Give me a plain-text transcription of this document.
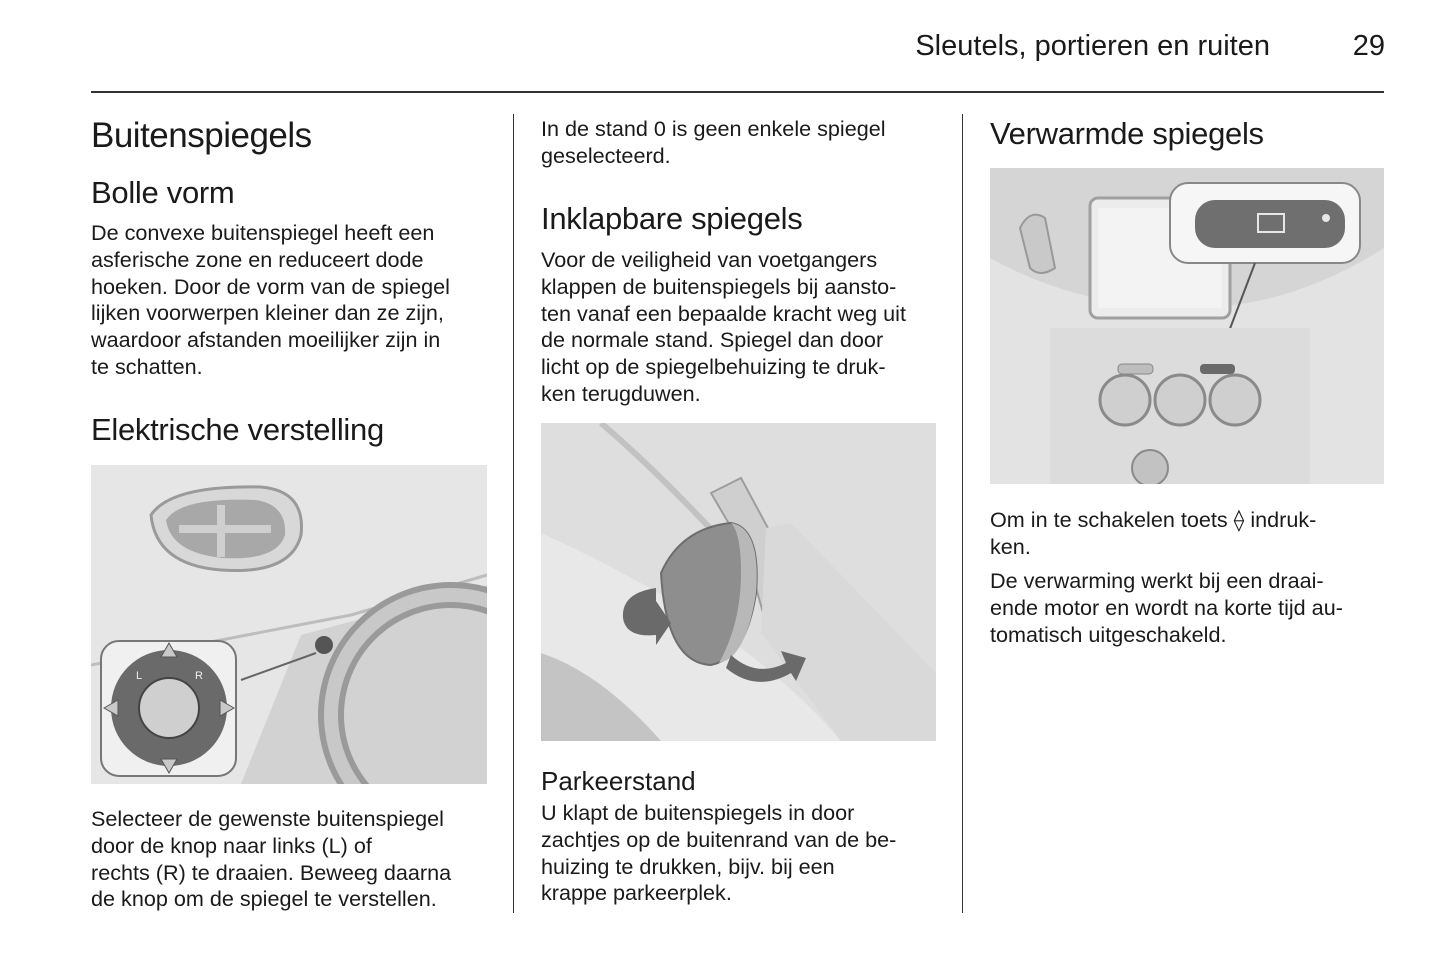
Sleutels, portieren en ruiten	29
Buitenspiegels
Bolle vorm
De convexe buitenspiegel heeft een
asferische zone en reduceert dode
hoeken. Door de vorm van de spiegel
lijken voorwerpen kleiner dan ze zijn,
waardoor afstanden moeilijker zijn in
te schatten.
Elektrische verstelling
L	R
Selecteer de gewenste buitenspiegel
door de knop naar links (L) of
rechts (R) te draaien. Beweeg daarna
de knop om de spiegel te verstellen.
In de stand 0 is geen enkele spiegel
geselecteerd.
Inklapbare spiegels
Voor de veiligheid van voetgangers
klappen de buitenspiegels bij aansto-
ten vanaf een bepaalde kracht weg uit
de normale stand. Spiegel dan door
licht op de spiegelbehuizing te druk-
ken terugduwen.
Parkeerstand
U klapt de buitenspiegels in door
zachtjes op de buitenrand van de be-
huizing te drukken, bijv. bij een
krappe parkeerplek.
Verwarmde spiegels
Om in te schakelen toets ⟠ indruk-
ken.
De verwarming werkt bij een draai-
ende motor en wordt na korte tijd au-
tomatisch uitgeschakeld.
